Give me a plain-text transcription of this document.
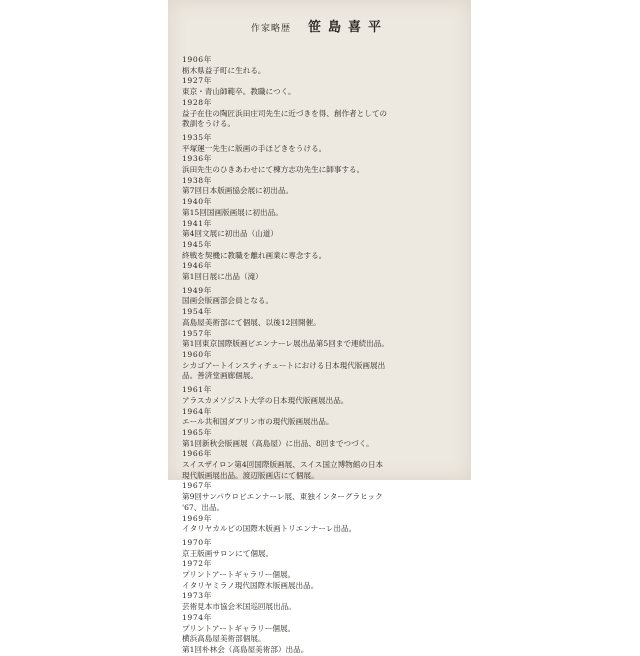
作家略歴 笹島喜平
1906年
栃木県益子町に生れる。
1927年
東京・青山師範卒。教職につく。
1928年
益子在住の陶匠浜田庄司先生に近づきを得、創作者としての
教訓をうける。
1935年
平塚運一先生に版画の手ほどきをうける。
1936年
浜田先生のひきあわせにて棟方志功先生に師事する。
1938年
第7回日本版画協会展に初出品。
1940年
第15回国画版画展に初出品。
1941年
第4回文展に初出品（山道）
1945年
終戦を契機に教職を離れ画業に専念する。
1946年
第1回日展に出品（滝）
1949年
国画会版画部会員となる。
1954年
高島屋美術部にて個展、以後12回開催。
1957年
第1回東京国際版画ビエンナーレ展出品第5回まで連続出品。
1960年
シカゴアートインスティチュートにおける日本現代版画展出
品。善済堂画廊個展。
1961年
アラスカメソジスト大学の日本現代版画展出品。
1964年
エール共和国ダブリン市の現代版画展出品。
1965年
第1回新秋会版画展（高島屋）に出品、8回までつづく。
1966年
スイスザイロン第4回国際版画展、スイス国立博物館の日本
現代版画展出品。渡辺版画店にて個展。
1967年
第9回サンパウロビエンナーレ展、東独インターグラヒック
'67、出品。
1969年
イタリヤカルピの国際木版画トリエンナーレ出品。
1970年
京王版画サロンにて個展。
1972年
プリントアートギャラリー個展。
イタリヤミラノ現代国際木版画展出品。
1973年
芸術見本市協会米国巡回展出品。
1974年
プリントアートギャラリー個展。
横浜高島屋美術部個展。
第1回朴林会（高島屋美術部）出品。
